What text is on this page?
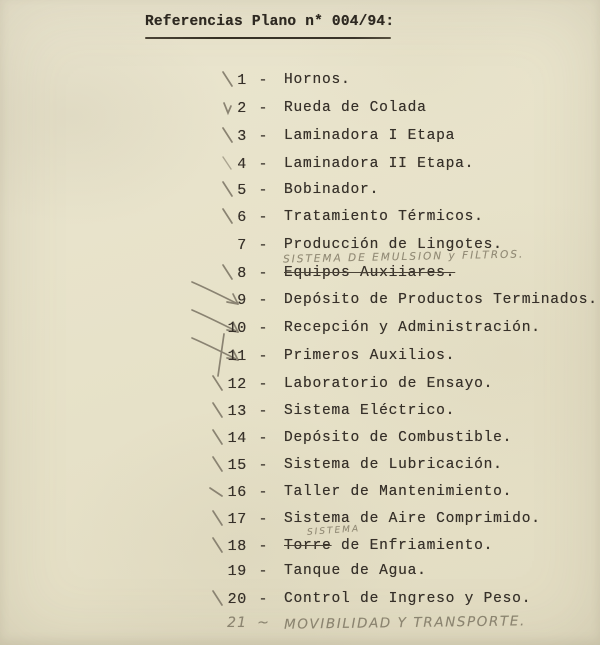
Referencias Plano n* 004/94:
1 - Hornos.
2 - Rueda de Colada
3 - Laminadora I Etapa
4 - Laminadora II Etapa.
5 - Bobinador.
6 - Tratamiento Térmicos.
7 - Producción de Lingotes.
8 - Equipos Auxiiares.
SISTEMA DE EMULSION y FILTROS.
9 - Depósito de Productos Terminados.
10 - Recepción y Administración.
11 - Primeros Auxilios.
12 - Laboratorio de Ensayo.
13 - Sistema Eléctrico.
14 - Depósito de Combustible.
15 - Sistema de Lubricación.
16 - Taller de Mantenimiento.
17 - Sistema de Aire Comprimido.
18 - Torre de Enfriamiento.
SISTEMA
19 - Tanque de Agua.
20 - Control de Ingreso y Peso.
21 ~ MOVIBILIDAD Y TRANSPORTE.
